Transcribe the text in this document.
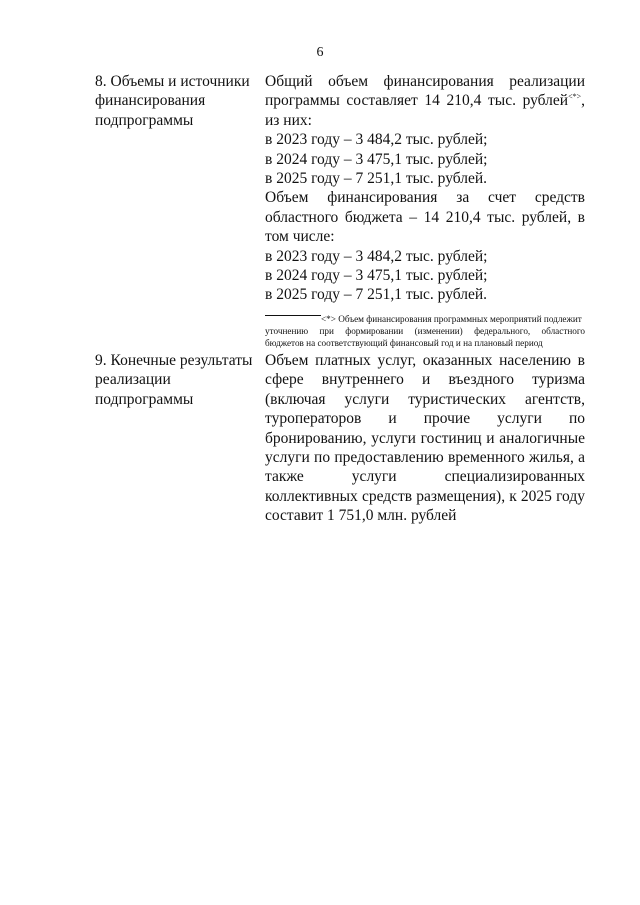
6
8. Объемы и источники
финансирования
подпрограммы
Общий объем финансирования реализации
программы составляет 14 210,4 тыс. рублей<*>,
из них:
в 2023 году – 3 484,2 тыс. рублей;
в 2024 году – 3 475,1 тыс. рублей;
в 2025 году – 7 251,1 тыс. рублей.
Объем финансирования за счет средств
областного бюджета – 14 210,4 тыс. рублей, в
том числе:
в 2023 году – 3 484,2 тыс. рублей;
в 2024 году – 3 475,1 тыс. рублей;
в 2025 году – 7 251,1 тыс. рублей.
<*> Объем финансирования программных мероприятий подлежит
уточнению при формировании (изменении) федерального, областного
бюджетов на соответствующий финансовый год и на плановый период
9. Конечные результаты
реализации
подпрограммы
Объем платных услуг, оказанных населению в
сфере внутреннего и въездного туризма
(включая услуги туристических агентств,
туроператоров и прочие услуги по
бронированию, услуги гостиниц и аналогичные
услуги по предоставлению временного жилья, а
также услуги специализированных
коллективных средств размещения), к 2025 году
составит 1 751,0 млн. рублей
